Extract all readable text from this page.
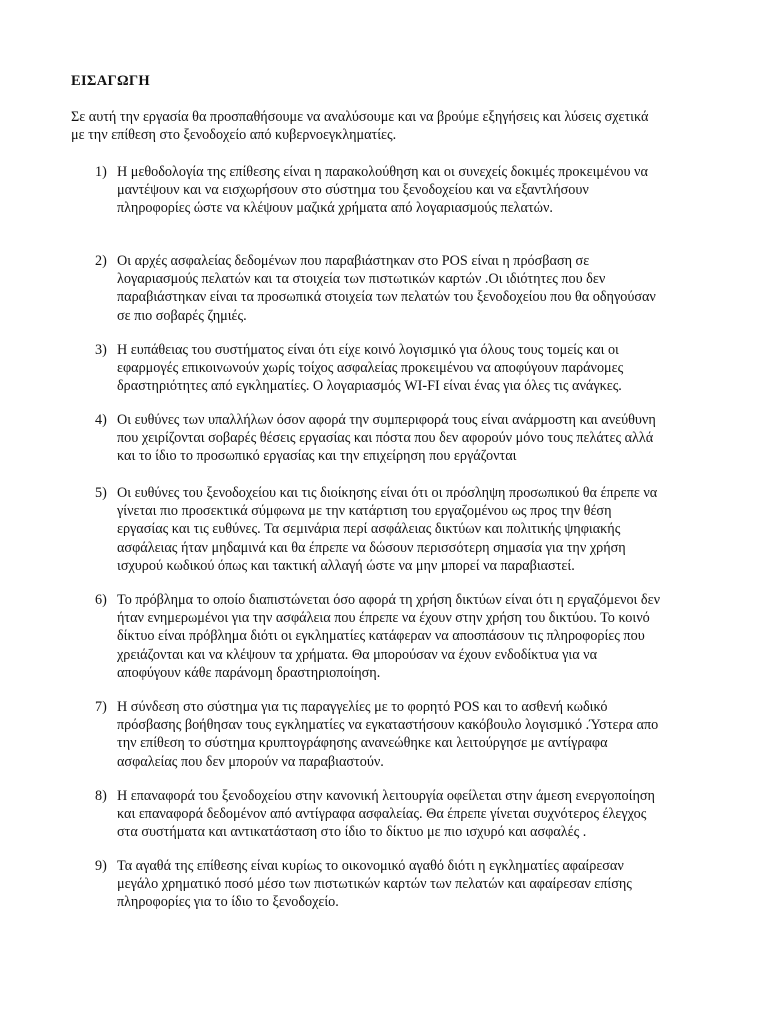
ΕΙΣΑΓΩΓΗ
Σε αυτή την εργασία θα προσπαθήσουμε να αναλύσουμε και να βρούμε εξηγήσεις και λύσεις σχετικά
με την επίθεση στο ξενοδοχείο από κυβερνοεγκληματίες.
1) Η μεθοδολογία της επίθεσης είναι η παρακολούθηση και οι συνεχείς δοκιμές προκειμένου να
μαντέψουν και να εισχωρήσουν στο σύστημα του ξενοδοχείου και να εξαντλήσουν
πληροφορίες ώστε να κλέψουν μαζικά χρήματα από λογαριασμούς πελατών.
2) Οι αρχές ασφαλείας δεδομένων που παραβιάστηκαν στο POS είναι η πρόσβαση σε
λογαριασμούς πελατών και τα στοιχεία των πιστωτικών καρτών .Οι ιδιότητες που δεν
παραβιάστηκαν είναι τα προσωπικά στοιχεία των πελατών του ξενοδοχείου που θα οδηγούσαν
σε πιο σοβαρές ζημιές.
3) Η ευπάθειας του συστήματος είναι ότι είχε κοινό λογισμικό για όλους τους τομείς και οι
εφαρμογές επικοινωνούν χωρίς τοίχος ασφαλείας προκειμένου να αποφύγουν παράνομες
δραστηριότητες από εγκληματίες. Ο λογαριασμός WI-FI είναι ένας για όλες τις ανάγκες.
4) Οι ευθύνες των υπαλλήλων όσον αφορά την συμπεριφορά τους είναι ανάρμοστη και ανεύθυνη
που χειρίζονται σοβαρές θέσεις εργασίας και πόστα που δεν αφορούν μόνο τους πελάτες αλλά
και το ίδιο το προσωπικό εργασίας και την επιχείρηση που εργάζονται
5) Οι ευθύνες του ξενοδοχείου και τις διοίκησης είναι ότι οι πρόσληψη προσωπικού θα έπρεπε να
γίνεται πιο προσεκτικά σύμφωνα με την κατάρτιση του εργαζομένου ως προς την θέση
εργασίας και τις ευθύνες. Τα σεμινάρια περί ασφάλειας δικτύων και πολιτικής ψηφιακής
ασφάλειας ήταν μηδαμινά και θα έπρεπε να δώσουν περισσότερη σημασία για την χρήση
ισχυρού κωδικού όπως και τακτική αλλαγή ώστε να μην μπορεί να παραβιαστεί.
6) Το πρόβλημα το οποίο διαπιστώνεται όσο αφορά τη χρήση δικτύων είναι ότι η εργαζόμενοι δεν
ήταν ενημερωμένοι για την ασφάλεια που έπρεπε να έχουν στην χρήση του δικτύου. Το κοινό
δίκτυο είναι πρόβλημα διότι οι εγκληματίες κατάφεραν να αποσπάσουν τις πληροφορίες που
χρειάζονται και να κλέψουν τα χρήματα. Θα μπορούσαν να έχουν ενδοδίκτυα για να
αποφύγουν κάθε παράνομη δραστηριοποίηση.
7) Η σύνδεση στο σύστημα για τις παραγγελίες με το φορητό POS και το ασθενή κωδικό
πρόσβασης βοήθησαν τους εγκληματίες να εγκαταστήσουν κακόβουλο λογισμικό .Ύστερα απο
την επίθεση το σύστημα κρυπτογράφησης ανανεώθηκε και λειτούργησε με αντίγραφα
ασφαλείας που δεν μπορούν να παραβιαστούν.
8) Η επαναφορά του ξενοδοχείου στην κανονική λειτουργία οφείλεται στην άμεση ενεργοποίηση
και επαναφορά δεδομένον από αντίγραφα ασφαλείας. Θα έπρεπε γίνεται συχνότερος έλεγχος
στα συστήματα και αντικατάσταση στο ίδιο το δίκτυο με πιο ισχυρό και ασφαλές .
9) Τα αγαθά της επίθεσης είναι κυρίως το οικονομικό αγαθό διότι η εγκληματίες αφαίρεσαν
μεγάλο χρηματικό ποσό μέσο των πιστωτικών καρτών των πελατών και αφαίρεσαν επίσης
πληροφορίες για το ίδιο το ξενοδοχείο.
